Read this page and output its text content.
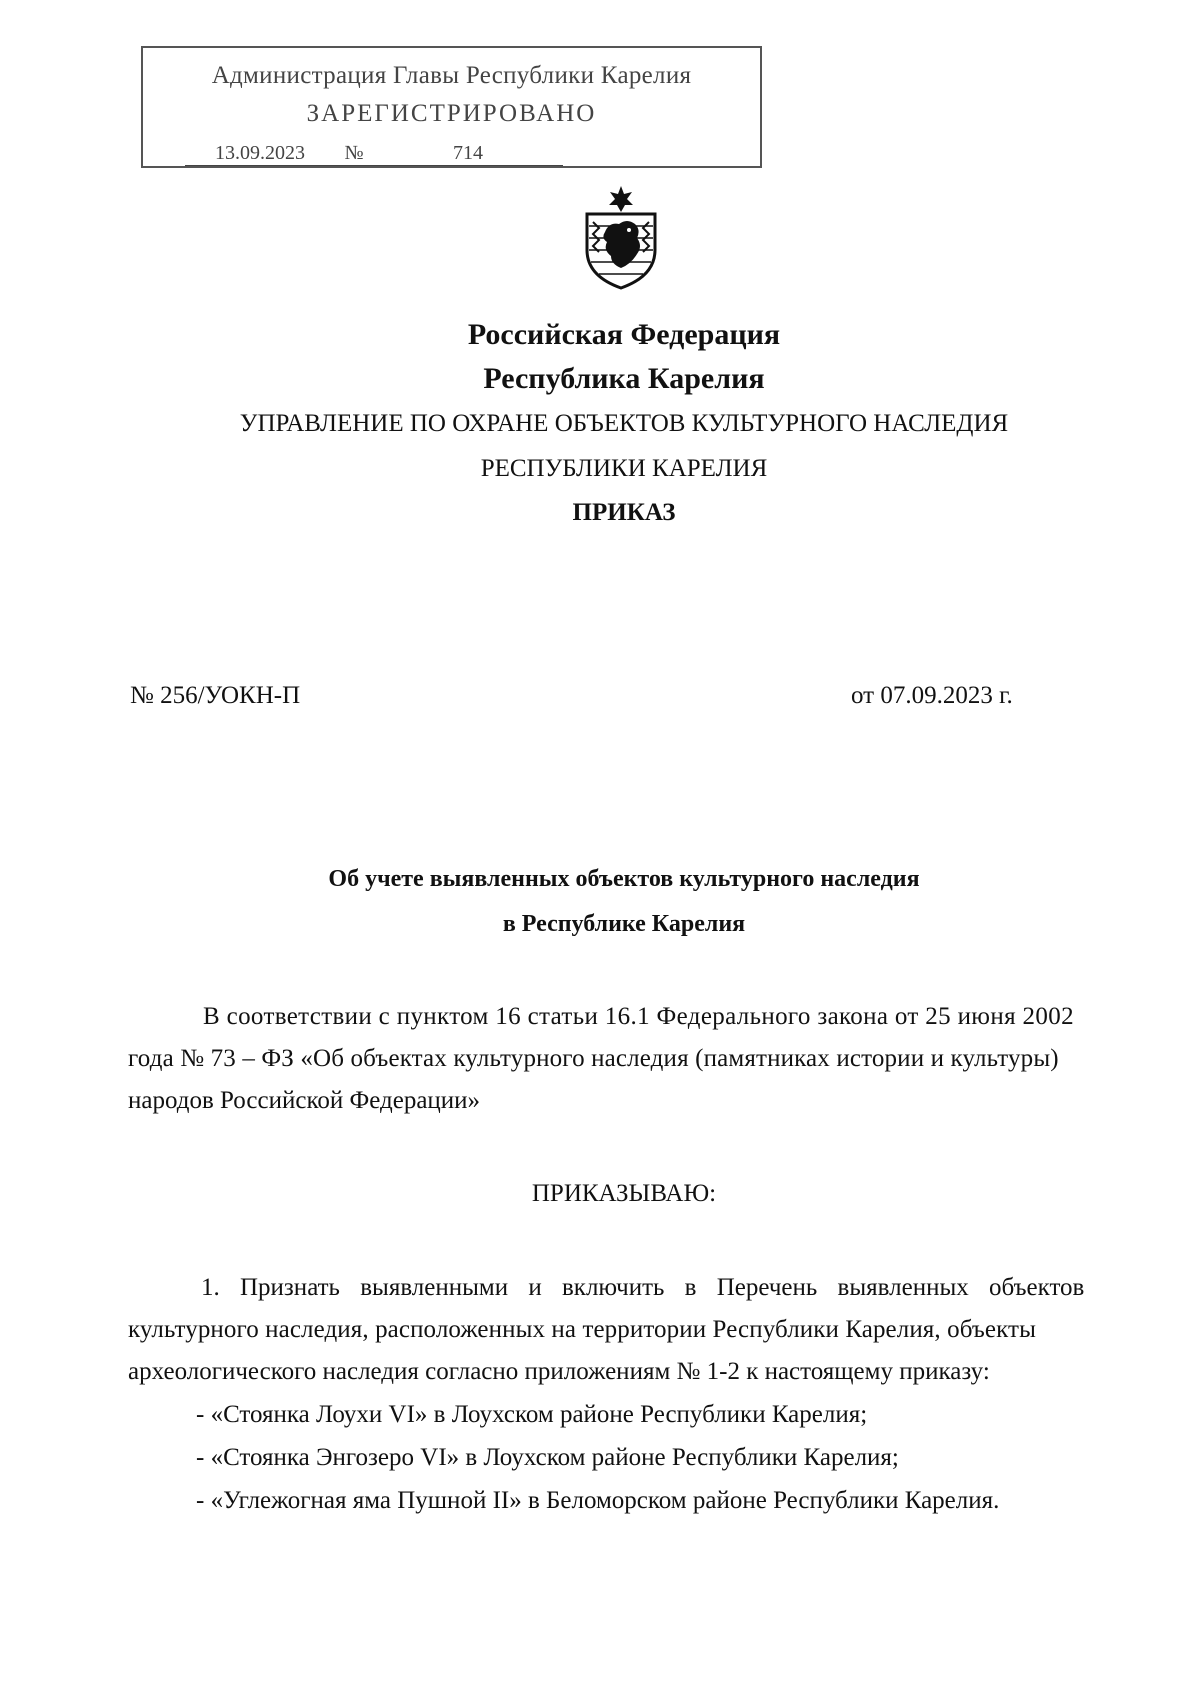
Администрация Главы Республики Карелия
ЗАРЕГИСТРИРОВАНО
13.09.2023 №	714
Российская Федерация
Республика Карелия
УПРАВЛЕНИЕ ПО ОХРАНЕ ОБЪЕКТОВ КУЛЬТУРНОГО НАСЛЕДИЯ
РЕСПУБЛИКИ КАРЕЛИЯ
ПРИКАЗ
№ 256/УОКН-П	от 07.09.2023 г.
Об учете выявленных объектов культурного наследия
в Республике Карелия
В соответствии с пунктом 16 статьи 16.1 Федерального закона от 25 июня 2002
года № 73 – ФЗ «Об объектах культурного наследия (памятниках истории и культуры)
народов Российской Федерации»
ПРИКАЗЫВАЮ:
1. Признать выявленными и включить в Перечень выявленных объектов
культурного наследия, расположенных на территории Республики Карелия, объекты
археологического наследия согласно приложениям № 1-2 к настоящему приказу:
- «Стоянка Лоухи VI» в Лоухском районе Республики Карелия;
- «Стоянка Энгозеро VI» в Лоухском районе Республики Карелия;
- «Углежогная яма Пушной II» в Беломорском районе Республики Карелия.
